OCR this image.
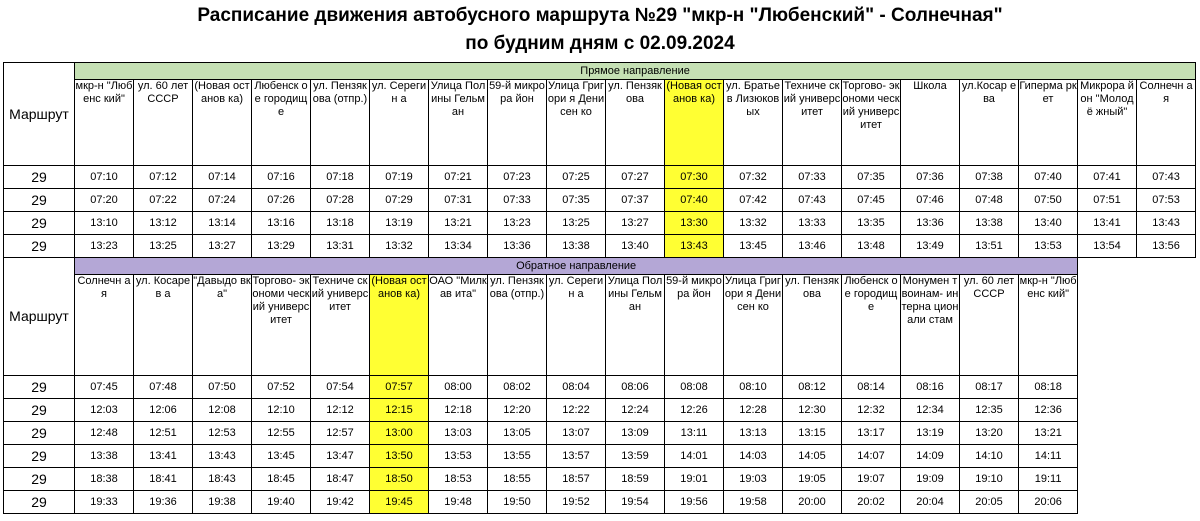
Расписание движения автобусного маршрута №29 "мкр-н "Любенский" - Солнечная"
по будним дням с 02.09.2024
Маршрут	Прямое направление																		
	мкр-н "Любенс кий"	ул. 60 лет СССР	(Новая останов ка)	Любенск ое городищ е	ул. Пензяк ова (отпр.)	ул. Серегин а	Улица Полины Гельман	59-й микрора йон	Улица Григори я Денисен ко	ул. Пензяк ова	(Новая останов ка)	ул. Братьев Лизюков ых	Техниче ский универс итет	Торгово- экономи ческий универс итет	Школа	ул.Косар ева	Гиперма ркет	Микрора йон "Молодё жный"	Солнечн ая
29	07:10	07:12	07:14	07:16	07:18	07:19	07:21	07:23	07:25	07:27	07:30	07:32	07:33	07:35	07:36	07:38	07:40	07:41	07:43
29	07:20	07:22	07:24	07:26	07:28	07:29	07:31	07:33	07:35	07:37	07:40	07:42	07:43	07:45	07:46	07:48	07:50	07:51	07:53
29	13:10	13:12	13:14	13:16	13:18	13:19	13:21	13:23	13:25	13:27	13:30	13:32	13:33	13:35	13:36	13:38	13:40	13:41	13:43
29	13:23	13:25	13:27	13:29	13:31	13:32	13:34	13:36	13:38	13:40	13:43	13:45	13:46	13:48	13:49	13:51	13:53	13:54	13:56
Маршрут	Обратное направление																	
	Солнечн ая	ул. Косарев а	"Давыдо вка"	Торгово- экономи ческий универс итет	Техниче ский универс итет	(Новая останов ка)	ОАО "Милкав ита"	ул. Пензяк ова (отпр.)	ул. Серегин а	Улица Полины Гельман	59-й микрора йон	Улица Григори я Денисен ко	ул. Пензяк ова	Любенск ое городищ е	Монумен т воинам- интерна ционали стам	ул. 60 лет СССР	мкр-н "Любенс кий"	
29	07:45	07:48	07:50	07:52	07:54	07:57	08:00	08:02	08:04	08:06	08:08	08:10	08:12	08:14	08:16	08:17	08:18	
29	12:03	12:06	12:08	12:10	12:12	12:15	12:18	12:20	12:22	12:24	12:26	12:28	12:30	12:32	12:34	12:35	12:36	
29	12:48	12:51	12:53	12:55	12:57	13:00	13:03	13:05	13:07	13:09	13:11	13:13	13:15	13:17	13:19	13:20	13:21	
29	13:38	13:41	13:43	13:45	13:47	13:50	13:53	13:55	13:57	13:59	14:01	14:03	14:05	14:07	14:09	14:10	14:11	
29	18:38	18:41	18:43	18:45	18:47	18:50	18:53	18:55	18:57	18:59	19:01	19:03	19:05	19:07	19:09	19:10	19:11	
29	19:33	19:36	19:38	19:40	19:42	19:45	19:48	19:50	19:52	19:54	19:56	19:58	20:00	20:02	20:04	20:05	20:06	
